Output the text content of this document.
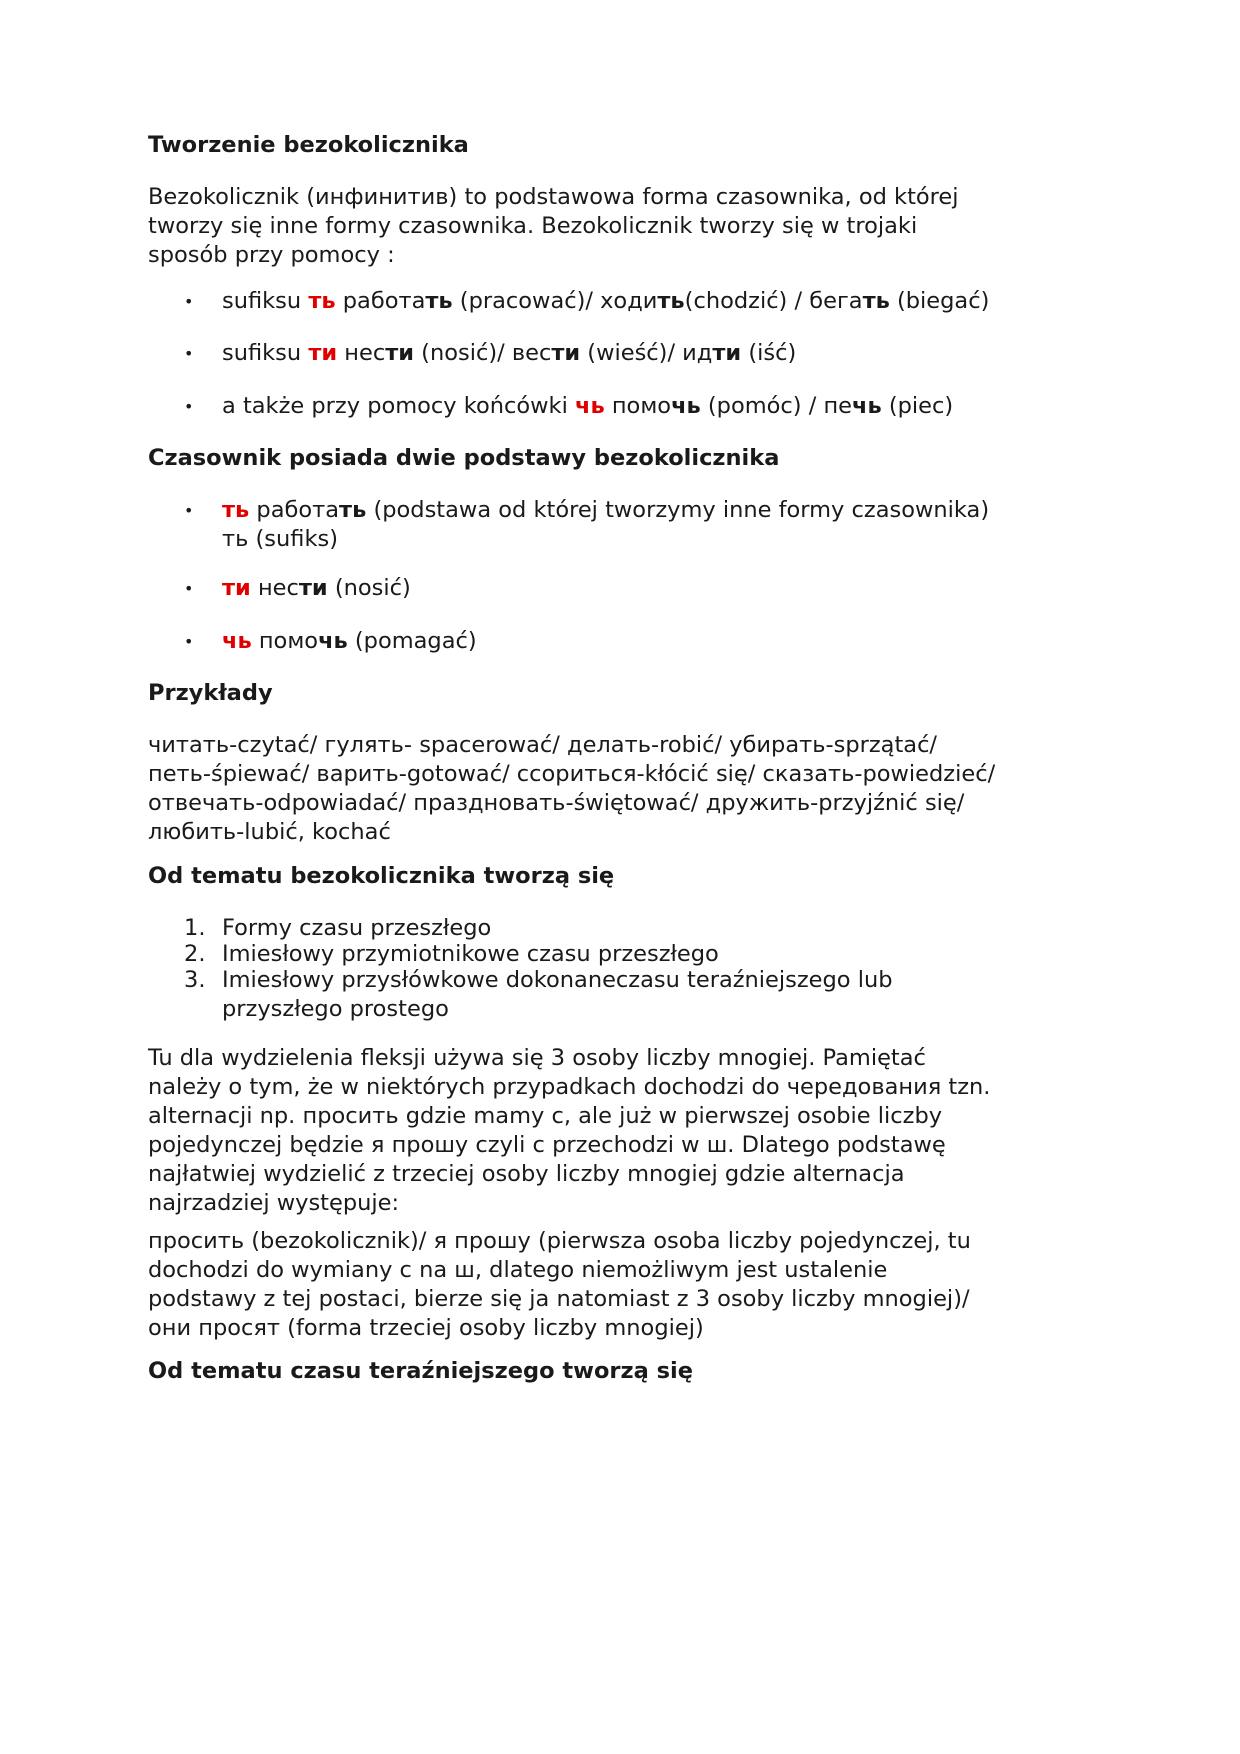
Tworzenie bezokolicznika
Bezokolicznik (инфинитив) to podstawowa forma czasownika, od której
tworzy się inne formy czasownika. Bezokolicznik tworzy się w trojaki
sposób przy pomocy :
• sufiksu ть работать (pracować)/ ходить(chodzić) / бегать (biegać)
• sufiksu ти нести (nosić)/ вести (wieść)/ идти (iść)
• a także przy pomocy końcówki чь помочь (pomóc) / печь (piec)
Czasownik posiada dwie podstawy bezokolicznika
• ть работать (podstawa od której tworzymy inne formy czasownika)
ть (sufiks)
• ти нести (nosić)
• чь помочь (pomagać)
Przykłady
читать-czytać/ гулять- spacerować/ делать-robić/ убирать-sprzątać/
петь-śpiewać/ варить-gotować/ ссориться-kłócić się/ сказать-powiedzieć/
отвечать-odpowiadać/ праздновать-świętować/ дружить-przyjźnić się/
любить-lubić, kochać
Od tematu bezokolicznika tworzą się
1. Formy czasu przeszłego
2. Imiesłowy przymiotnikowe czasu przeszłego
3. Imiesłowy przysłówkowe dokonaneczasu teraźniejszego lub
przyszłego prostego
Tu dla wydzielenia fleksji używa się 3 osoby liczby mnogiej. Pamiętać
należy o tym, że w niektórych przypadkach dochodzi do чередования tzn.
alternacji np. просить gdzie mamy с, ale już w pierwszej osobie liczby
pojedynczej będzie я прошу czyli с przechodzi w ш. Dlatego podstawę
najłatwiej wydzielić z trzeciej osoby liczby mnogiej gdzie alternacja
najrzadziej występuje:
просить (bezokolicznik)/ я прошу (pierwsza osoba liczby pojedynczej, tu
dochodzi do wymiany с na ш, dlatego niemożliwym jest ustalenie
podstawy z tej postaci, bierze się ja natomiast z 3 osoby liczby mnogiej)/
они просят (forma trzeciej osoby liczby mnogiej)
Od tematu czasu teraźniejszego tworzą się
